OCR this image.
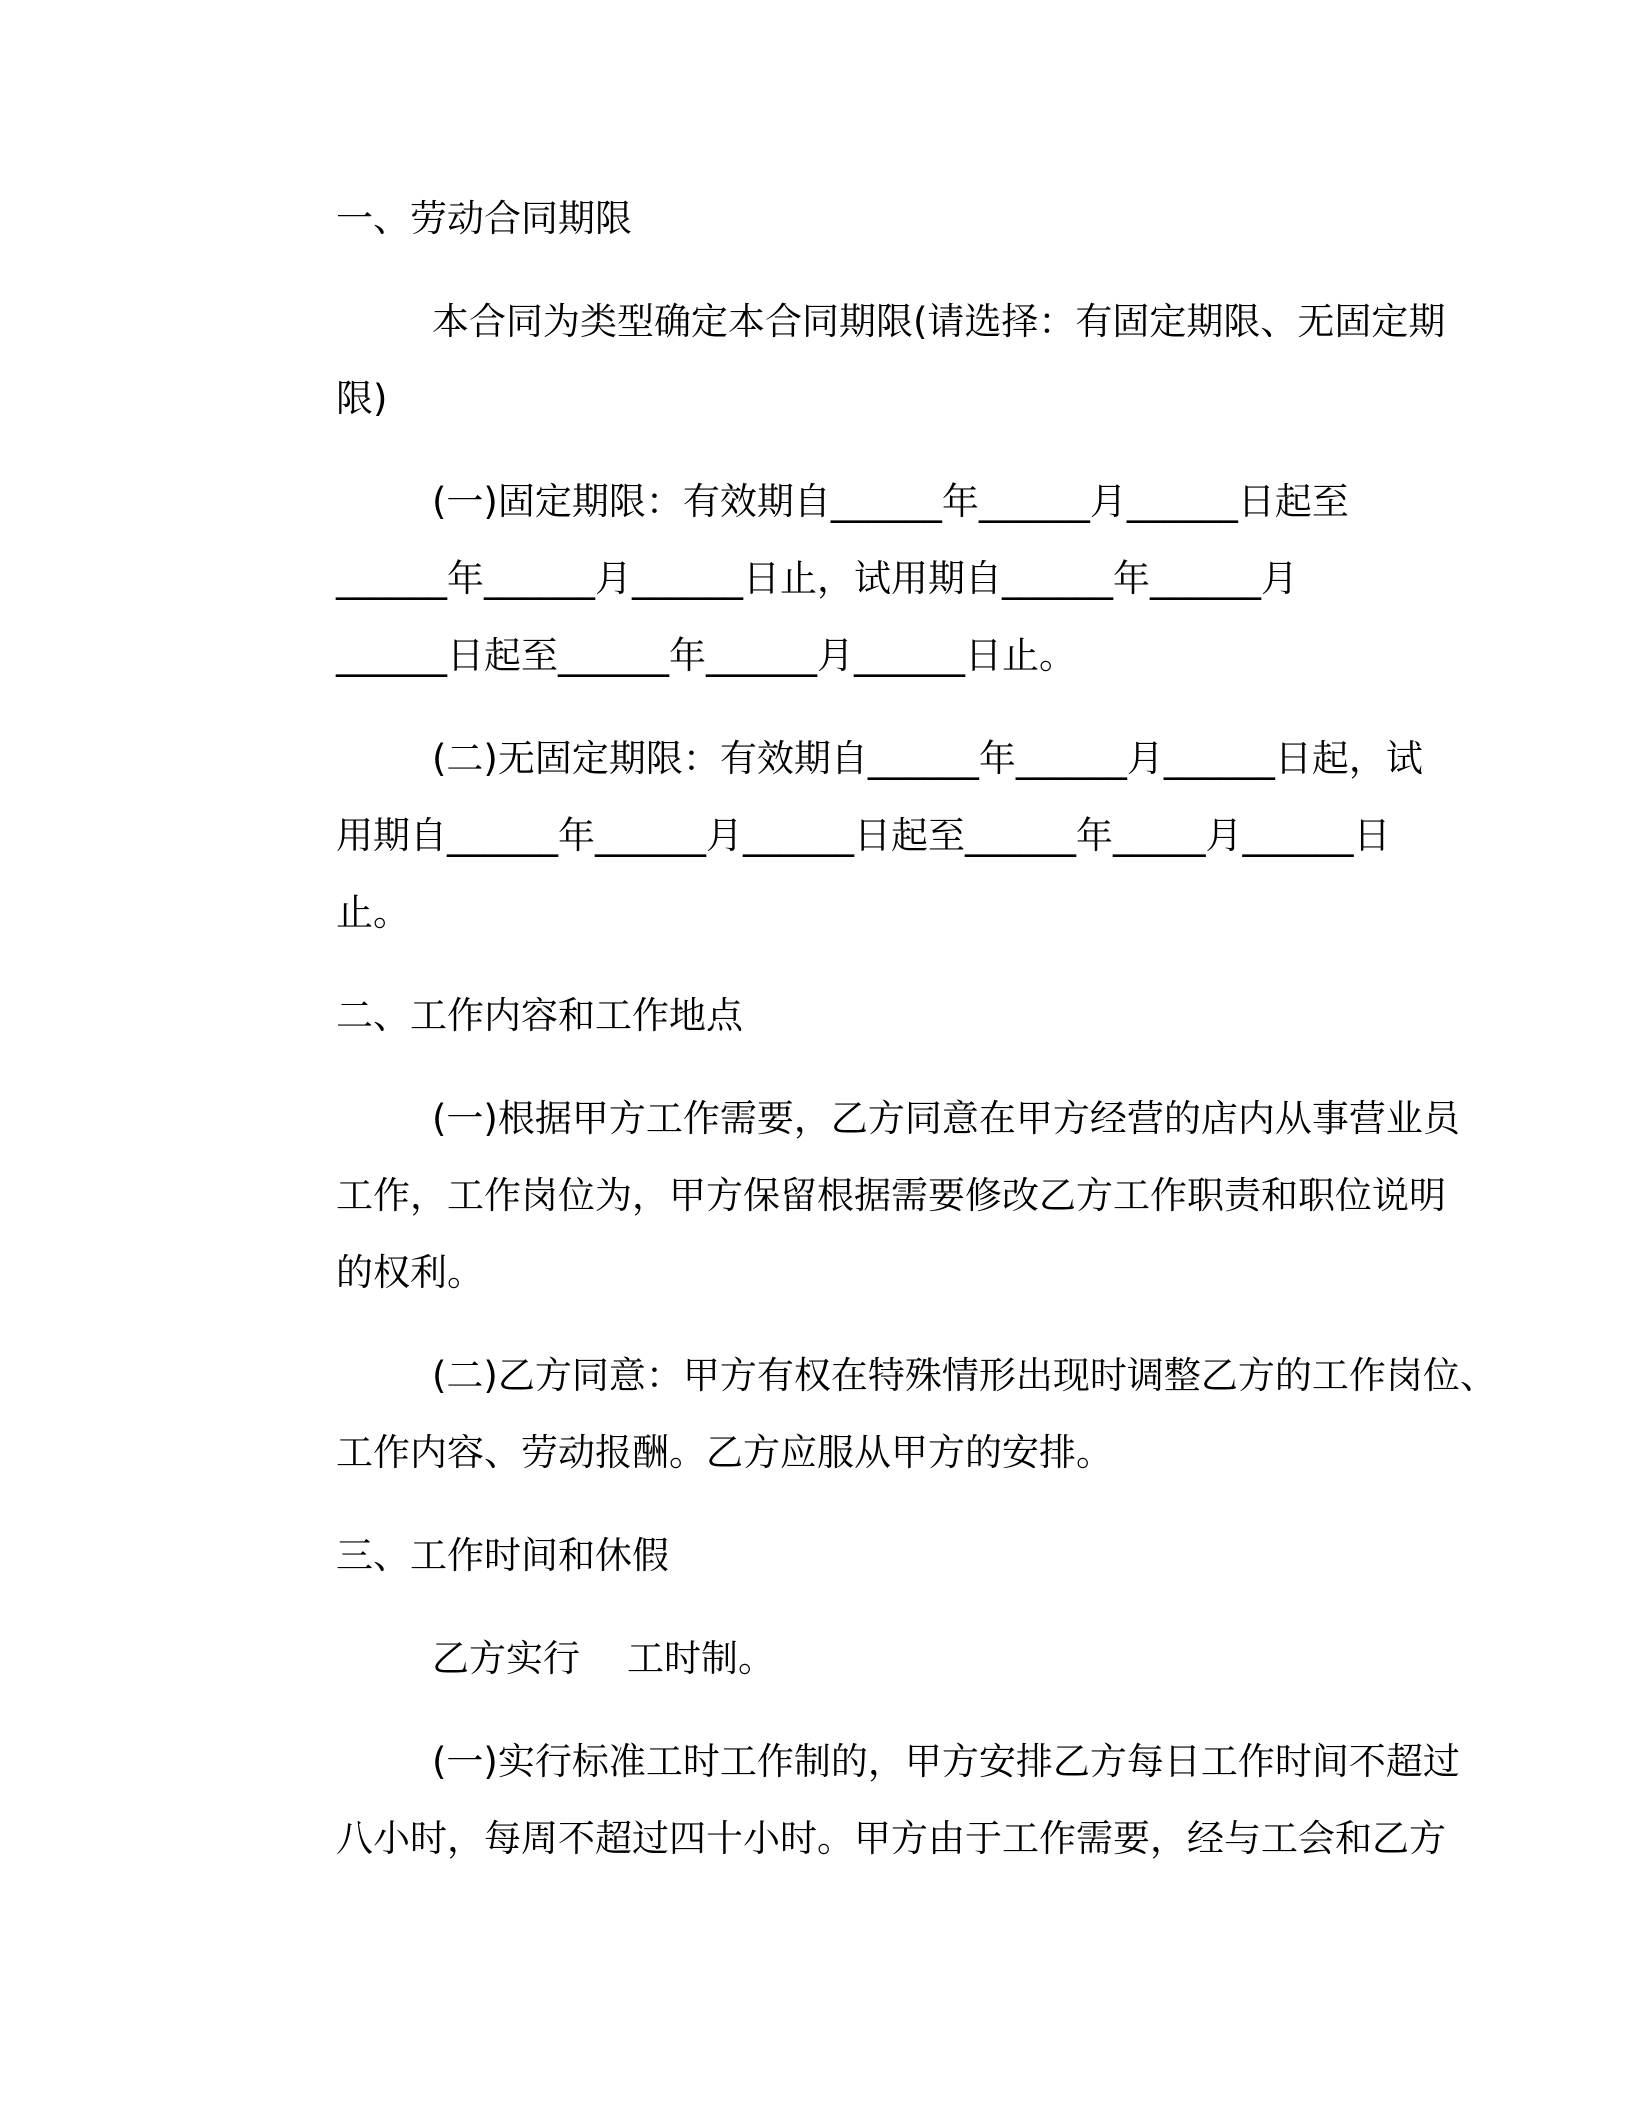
一、劳动合同期限
本合同为类型确定本合同期限(请选择：有固定期限、无固定期
限)
(一)固定期限：有效期自______年______月______日起至
______年______月______日止，试用期自______年______月
______日起至______年______月______日止。
(二)无固定期限：有效期自______年______月______日起，试
用期自______年______月______日起至______年_____月______日
止。
二、工作内容和工作地点
(一)根据甲方工作需要，乙方同意在甲方经营的店内从事营业员
工作，工作岗位为，甲方保留根据需要修改乙方工作职责和职位说明
的权利。
(二)乙方同意：甲方有权在特殊情形出现时调整乙方的工作岗位、
工作内容、劳动报酬。乙方应服从甲方的安排。
三、工作时间和休假
乙方实行    工时制。
(一)实行标准工时工作制的，甲方安排乙方每日工作时间不超过
八小时，每周不超过四十小时。甲方由于工作需要，经与工会和乙方
